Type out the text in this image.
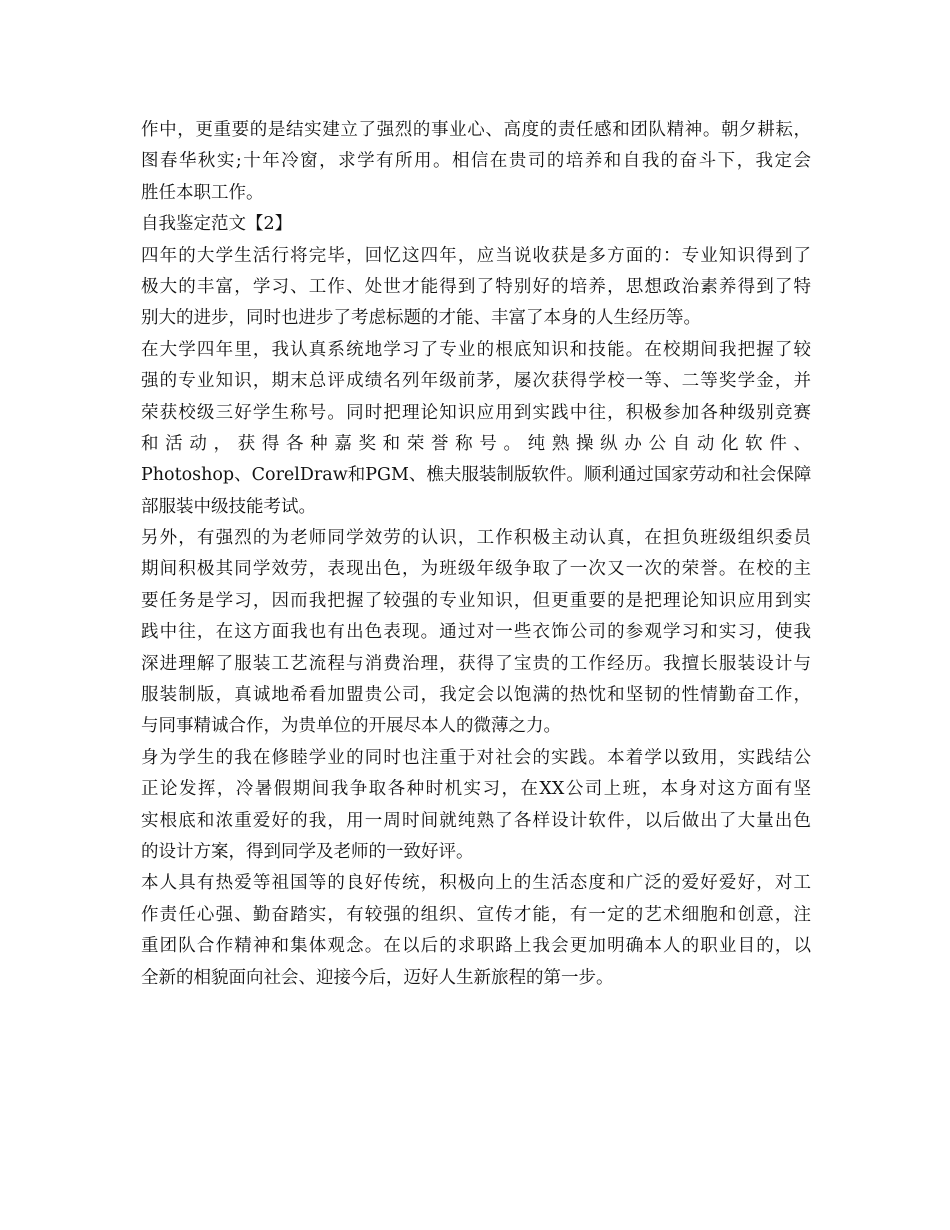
作中，更重要的是结实建立了强烈的事业心、高度的责任感和团队精神。朝夕耕耘，
图春华秋实;十年冷窗，求学有所用。相信在贵司的培养和自我的奋斗下，我定会
胜任本职工作。
自我鉴定范文【2】
四年的大学生活行将完毕，回忆这四年，应当说收获是多方面的：专业知识得到了
极大的丰富，学习、工作、处世才能得到了特别好的培养，思想政治素养得到了特
别大的进步，同时也进步了考虑标题的才能、丰富了本身的人生经历等。
在大学四年里，我认真系统地学习了专业的根底知识和技能。在校期间我把握了较
强的专业知识，期末总评成绩名列年级前茅，屡次获得学校一等、二等奖学金，并
荣获校级三好学生称号。同时把理论知识应用到实践中往，积极参加各种级别竞赛
和活动，获得各种嘉奖和荣誉称号。纯熟操纵办公自动化软件、
Photoshop、CorelDraw和PGM、樵夫服装制版软件。顺利通过国家劳动和社会保障
部服装中级技能考试。
另外，有强烈的为老师同学效劳的认识，工作积极主动认真，在担负班级组织委员
期间积极其同学效劳，表现出色，为班级年级争取了一次又一次的荣誉。在校的主
要任务是学习，因而我把握了较强的专业知识，但更重要的是把理论知识应用到实
践中往，在这方面我也有出色表现。通过对一些衣饰公司的参观学习和实习，使我
深进理解了服装工艺流程与消费治理，获得了宝贵的工作经历。我擅长服装设计与
服装制版，真诚地希看加盟贵公司，我定会以饱满的热忱和坚韧的性情勤奋工作，
与同事精诚合作，为贵单位的开展尽本人的微薄之力。
身为学生的我在修睦学业的同时也注重于对社会的实践。本着学以致用，实践结公
正论发挥，冷暑假期间我争取各种时机实习，在XX公司上班，本身对这方面有坚
实根底和浓重爱好的我，用一周时间就纯熟了各样设计软件，以后做出了大量出色
的设计方案，得到同学及老师的一致好评。
本人具有热爱等祖国等的良好传统，积极向上的生活态度和广泛的爱好爱好，对工
作责任心强、勤奋踏实，有较强的组织、宣传才能，有一定的艺术细胞和创意，注
重团队合作精神和集体观念。在以后的求职路上我会更加明确本人的职业目的，以
全新的相貌面向社会、迎接今后，迈好人生新旅程的第一步。
